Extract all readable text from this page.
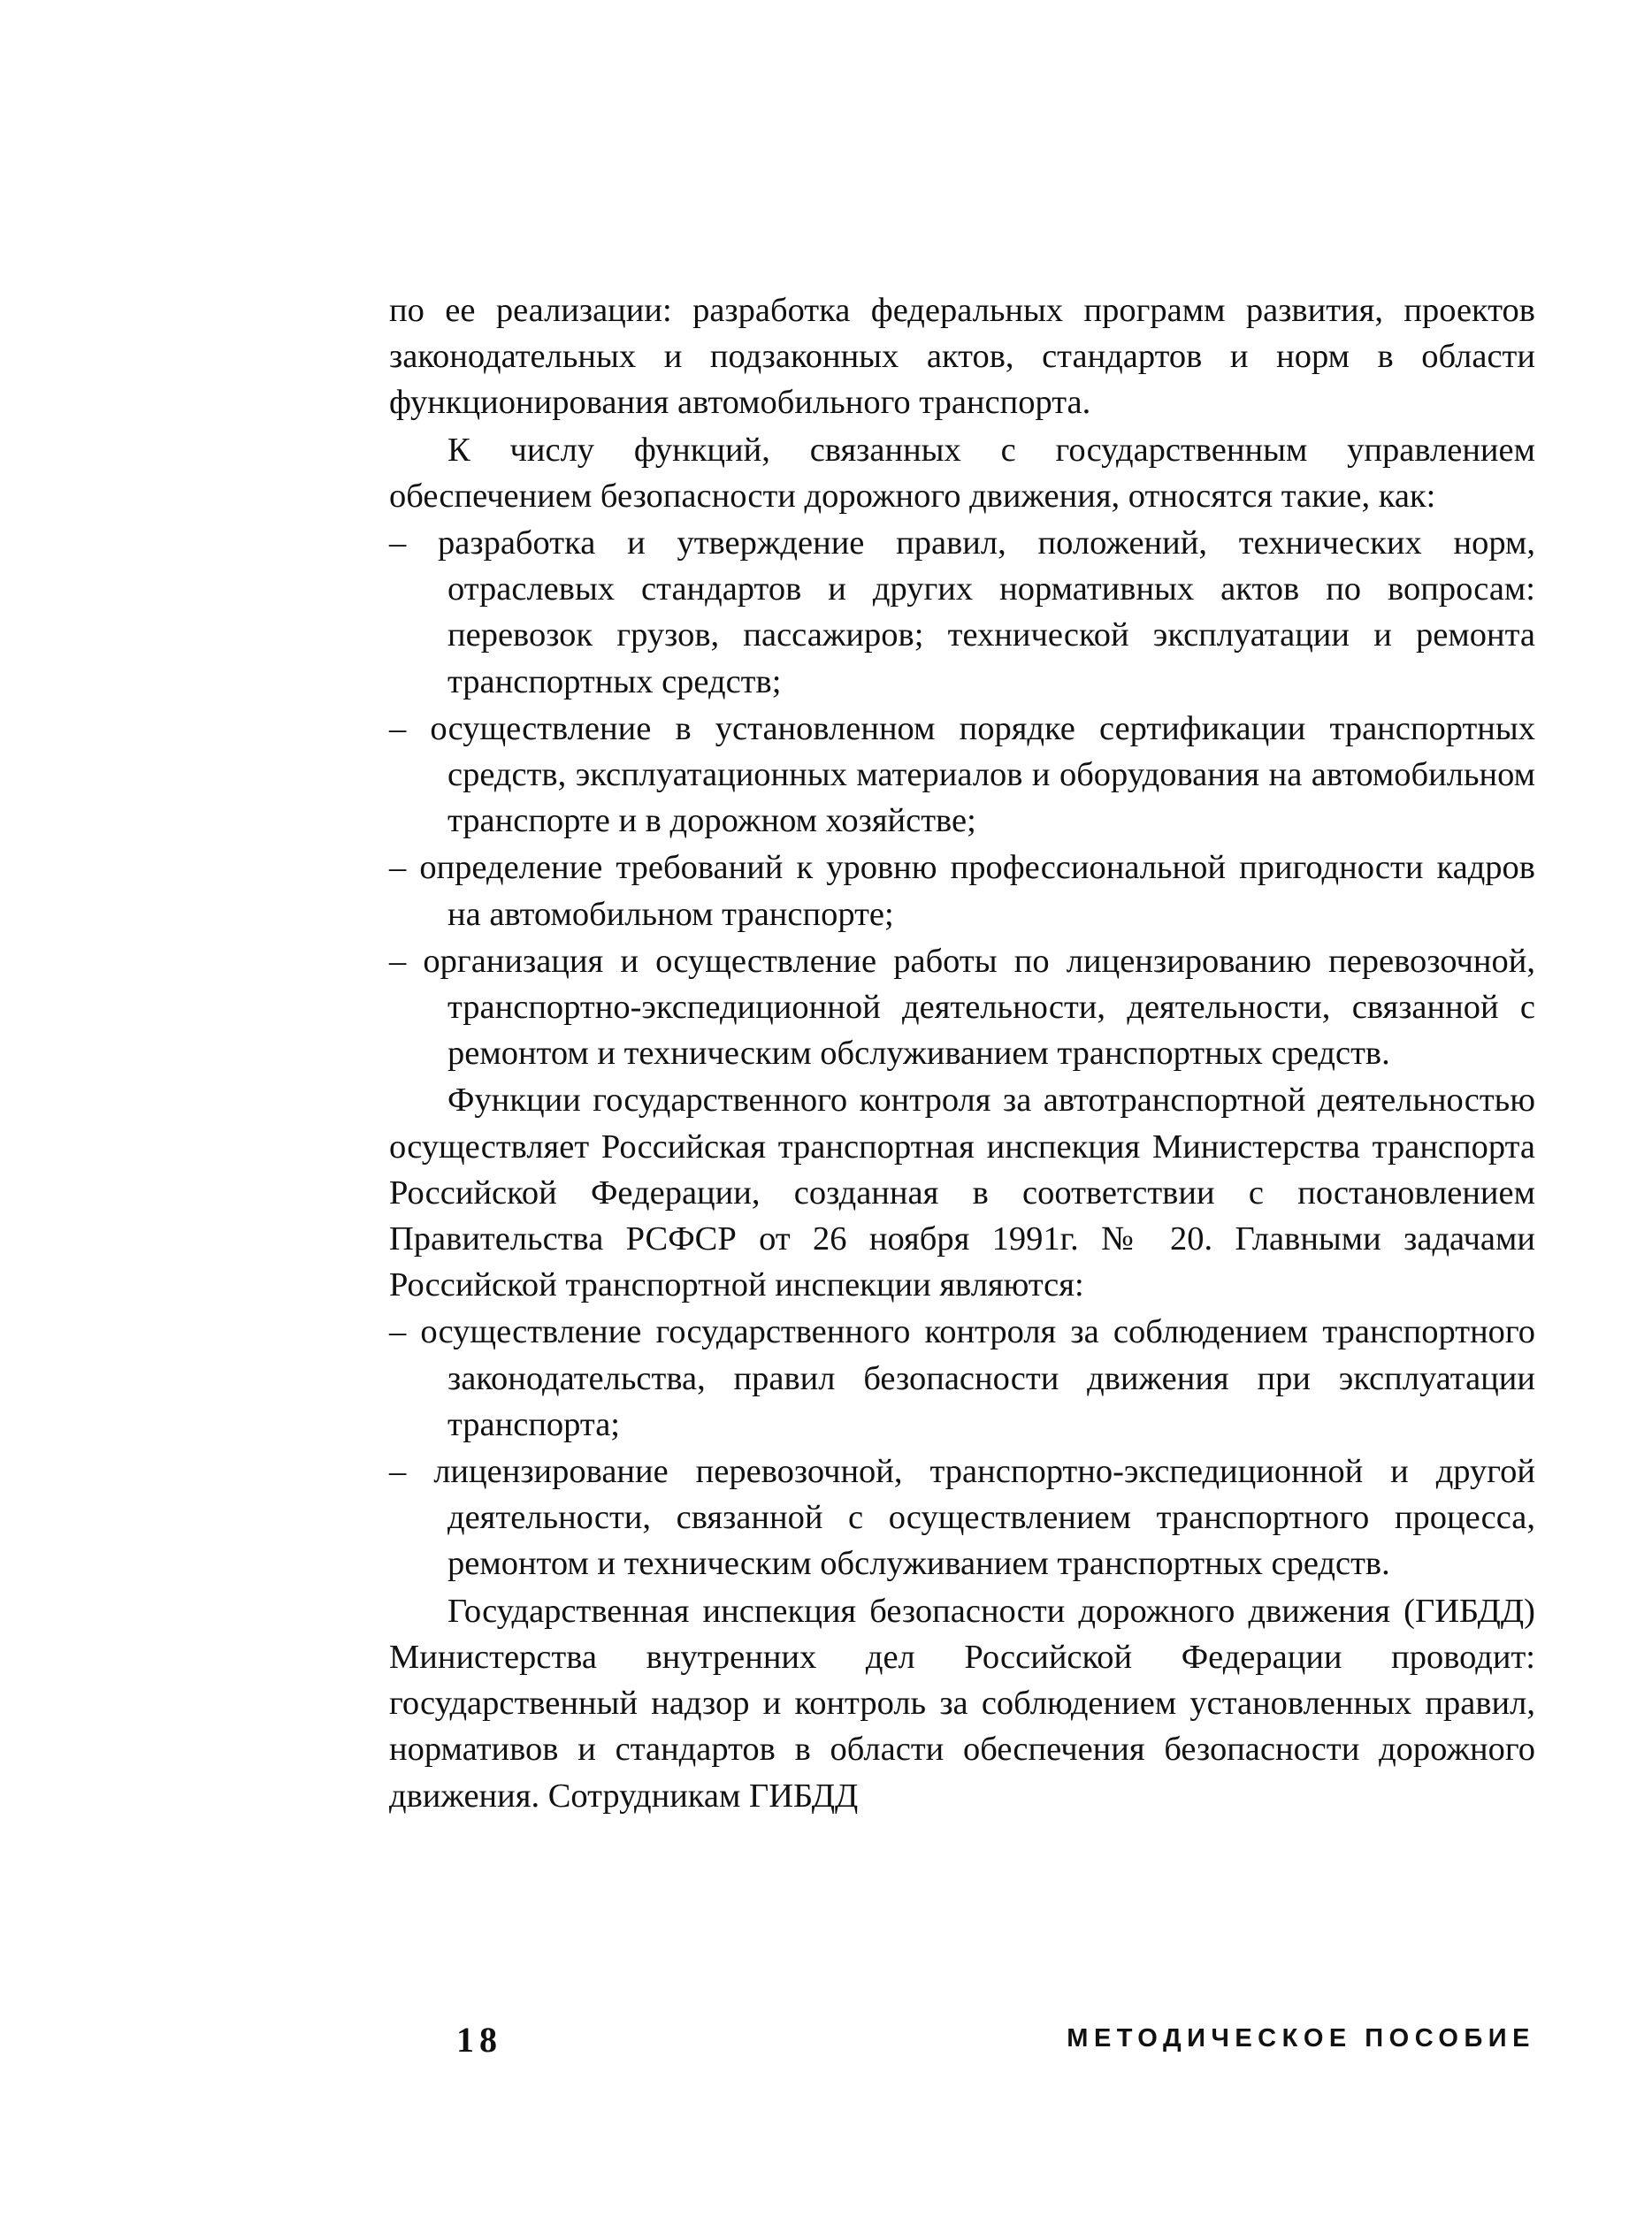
по ее реализации: разработка федеральных программ развития, проектов законодательных и подзаконных актов, стандартов и норм в области функционирования автомобильного транспорта.

К числу функций, связанных с государственным управлением обеспечением безопасности дорожного движения, относятся такие, как:

– разработка и утверждение правил, положений, технических норм, отраслевых стандартов и других нормативных актов по вопросам: перевозок грузов, пассажиров; технической эксплуатации и ремонта транспортных средств;

– осуществление в установленном порядке сертификации транспортных средств, эксплуатационных материалов и оборудования на автомобильном транспорте и в дорожном хозяйстве;

– определение требований к уровню профессиональной пригодности кадров на автомобильном транспорте;

– организация и осуществление работы по лицензированию перевозочной, транспортно-экспедиционной деятельности, деятельности, связанной с ремонтом и техническим обслуживанием транспортных средств.

Функции государственного контроля за автотранспортной деятельностью осуществляет Российская транспортная инспекция Министерства транспорта Российской Федерации, созданная в соответствии с постановлением Правительства РСФСР от 26 ноября 1991г. № 20. Главными задачами Российской транспортной инспекции являются:

– осуществление государственного контроля за соблюдением транспортного законодательства, правил безопасности движения при эксплуатации транспорта;

– лицензирование перевозочной, транспортно-экспедиционной и другой деятельности, связанной с осуществлением транспортного процесса, ремонтом и техническим обслуживанием транспортных средств.

Государственная инспекция безопасности дорожного движения (ГИБДД) Министерства внутренних дел Российской Федерации проводит: государственный надзор и контроль за соблюдением установленных правил, нормативов и стандартов в области обеспечения безопасности дорожного движения. Сотрудникам ГИБДД

18	МЕТОДИЧЕСКОЕ ПОСОБИЕ
